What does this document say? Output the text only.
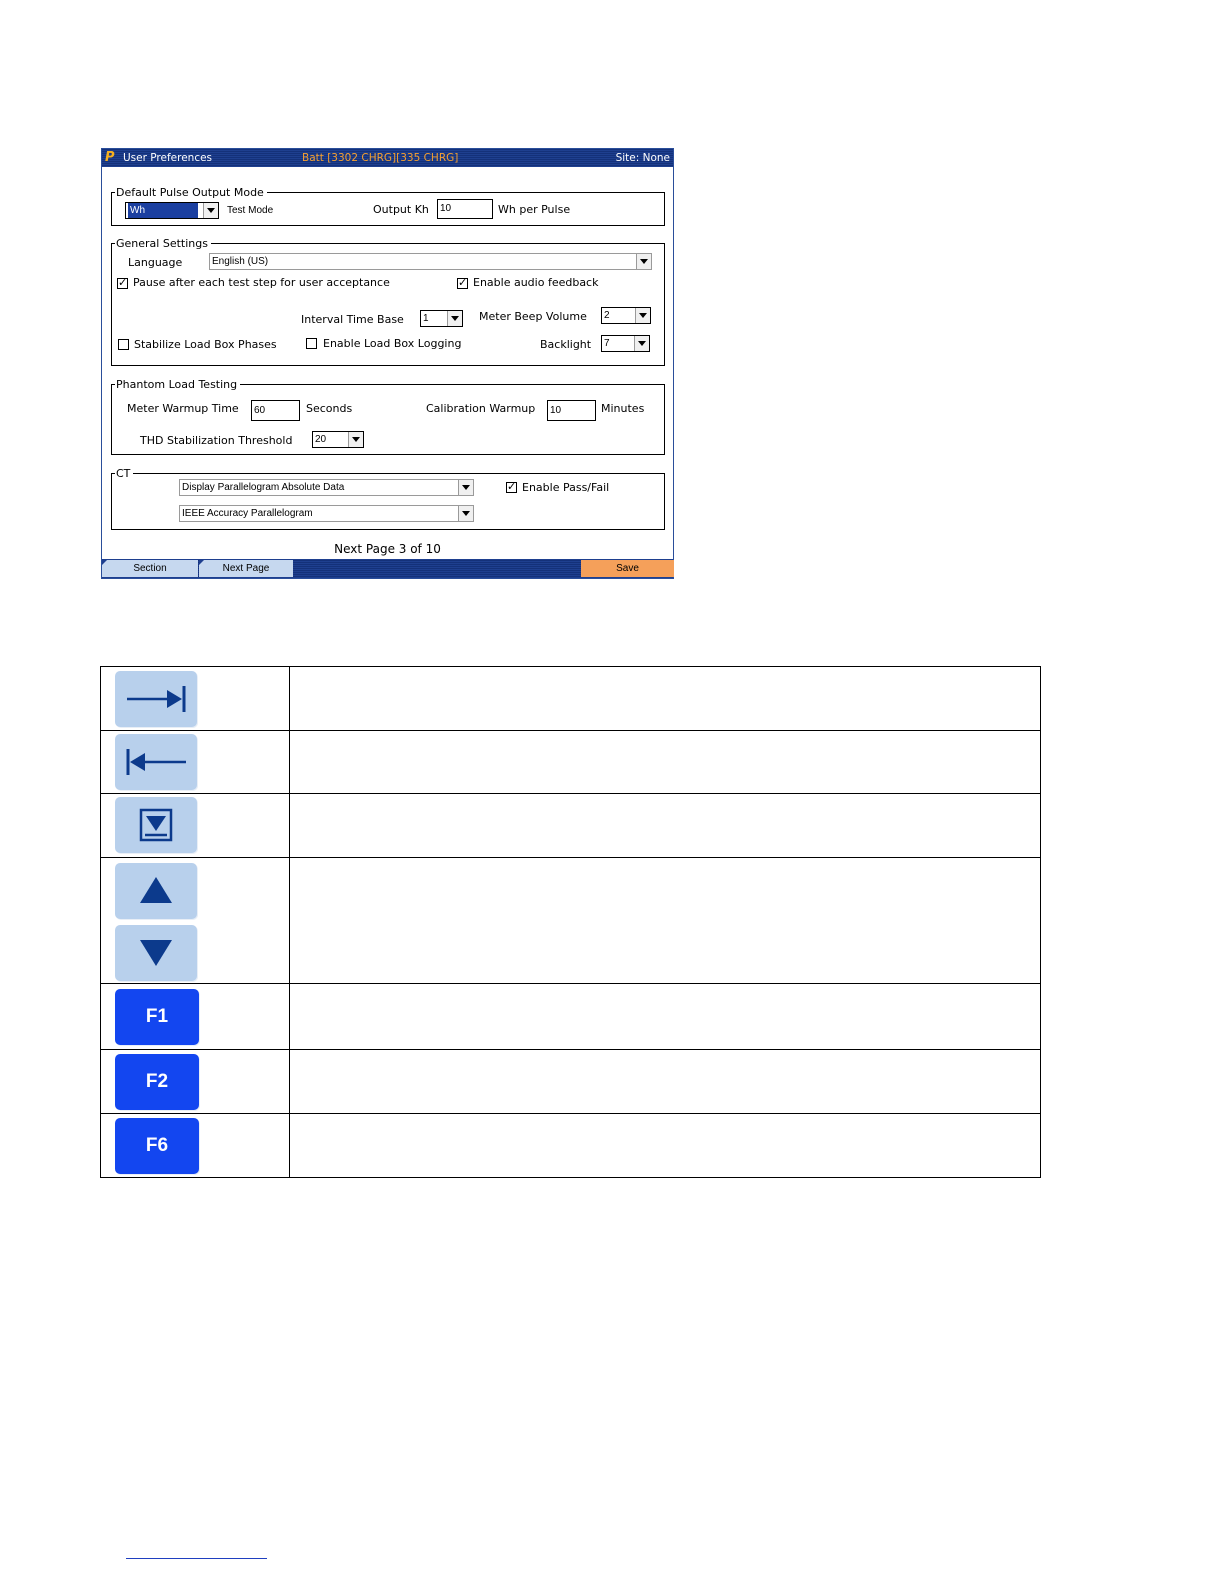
P User Preferences	Batt [3302 CHRG][335 CHRG]	Site: None
Default Pulse Output Mode
Wh	Test Mode	Output Kh	10	Wh per Pulse
General Settings
Language	English (US)
✓
Pause after each test step for user acceptance ✓	Enable audio feedback
Interval Time Base	1	Meter Beep Volume	2
Stabilize Load Box Phases	Enable Load Box Logging	Backlight	7
Phantom Load Testing
Meter Warmup Time	60	Seconds	Calibration Warmup	10	Minutes
THD Stabilization Threshold	20
CT
Display Parallelogram Absolute Data ✓	Enable Pass/Fail
IEEE Accuracy Parallelogram
Next Page 3 of 10
Section	Next Page	Save

F1	

F2	

F6	
